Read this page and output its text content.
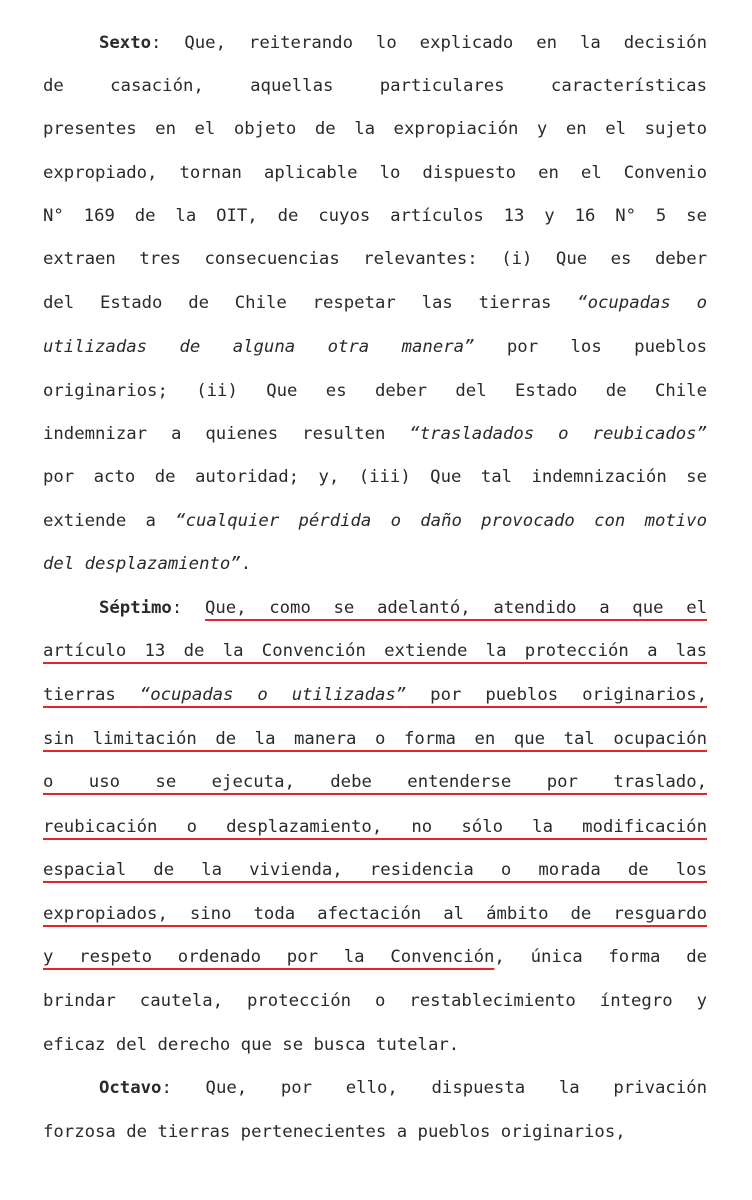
Sexto: Que, reiterando lo explicado en la decisión
de casación, aquellas particulares características
presentes en el objeto de la expropiación y en el sujeto
expropiado, tornan aplicable lo dispuesto en el Convenio
N° 169 de la OIT, de cuyos artículos 13 y 16 N° 5 se
extraen tres consecuencias relevantes: (i) Que es deber
del Estado de Chile respetar las tierras “ocupadas o
utilizadas de alguna otra manera” por los pueblos
originarios; (ii) Que es deber del Estado de Chile
indemnizar a quienes resulten “trasladados o reubicados”
por acto de autoridad; y, (iii) Que tal indemnización se
extiende a “cualquier pérdida o daño provocado con motivo
del desplazamiento”.
Séptimo: Que, como se adelantó, atendido a que el
artículo 13 de la Convención extiende la protección a las
tierras “ocupadas o utilizadas” por pueblos originarios,
sin limitación de la manera o forma en que tal ocupación
o uso se ejecuta, debe entenderse por traslado,
reubicación o desplazamiento, no sólo la modificación
espacial de la vivienda, residencia o morada de los
expropiados, sino toda afectación al ámbito de resguardo
y respeto ordenado por la Convención, única forma de
brindar cautela, protección o restablecimiento íntegro y
eficaz del derecho que se busca tutelar.
Octavo: Que, por ello, dispuesta la privación
forzosa de tierras pertenecientes a pueblos originarios,
